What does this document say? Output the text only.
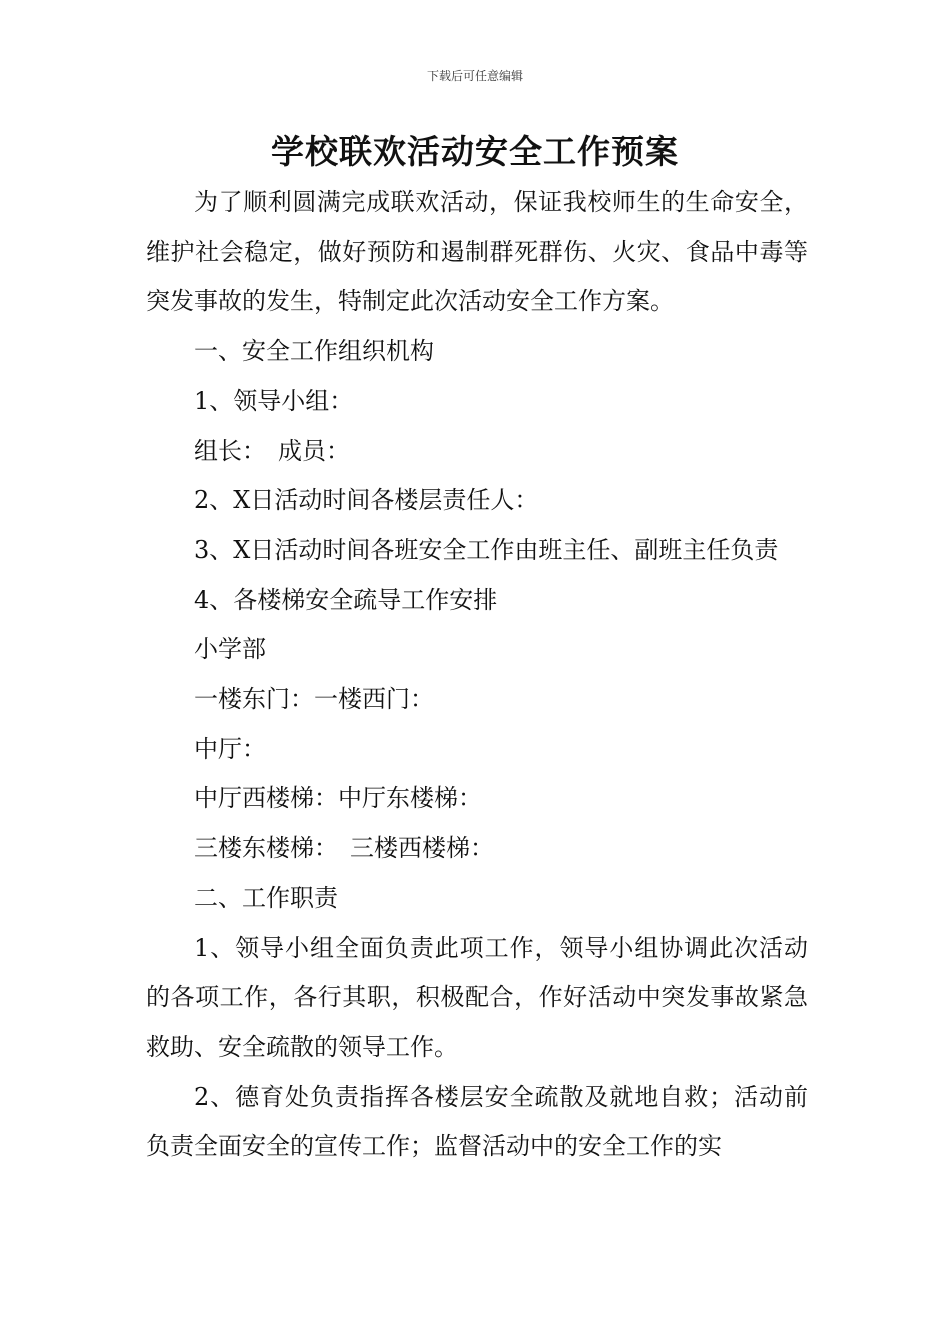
下载后可任意编辑
学校联欢活动安全工作预案

为了顺利圆满完成联欢活动，保证我校师生的生命安全，维护社会稳定，做好预防和遏制群死群伤、火灾、食品中毒等突发事故的发生，特制定此次活动安全工作方案。

一、安全工作组织机构

1、领导小组：

组长：　成员：

2、X日活动时间各楼层责任人：

3、X日活动时间各班安全工作由班主任、副班主任负责

4、各楼梯安全疏导工作安排

小学部

一楼东门：一楼西门：

中厅：

中厅西楼梯：中厅东楼梯：

三楼东楼梯：　三楼西楼梯：

二、工作职责

1、领导小组全面负责此项工作，领导小组协调此次活动的各项工作，各行其职，积极配合，作好活动中突发事故紧急救助、安全疏散的领导工作。

2、德育处负责指挥各楼层安全疏散及就地自救；活动前负责全面安全的宣传工作；监督活动中的安全工作的实
